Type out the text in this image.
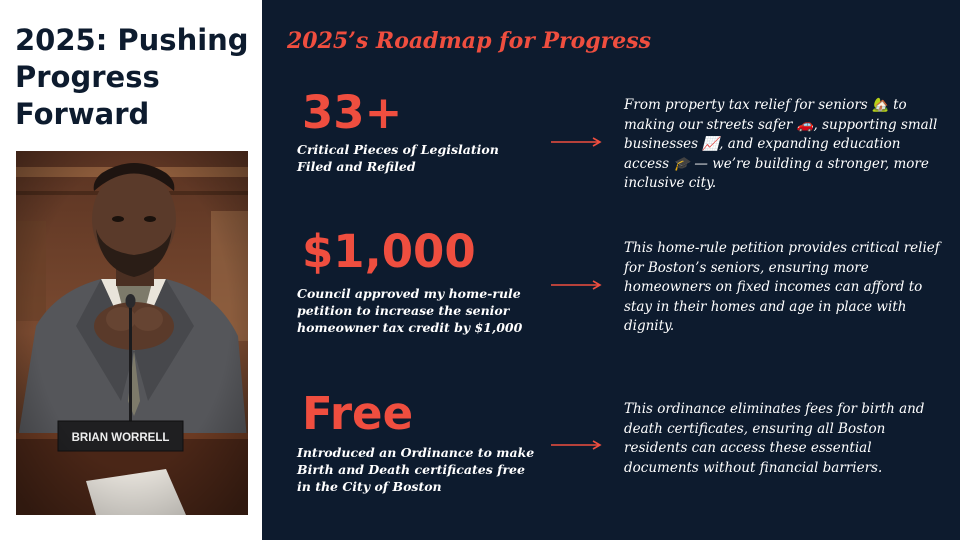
2025: Pushing Progress Forward
2025’s Roadmap for Progress

33+

Critical Pieces of Legislation Filed and Refiled

From property tax relief for seniors 🏡 to making our streets safer 🚗, supporting small businesses 📈, and expanding education access 🎓 — we’re building a stronger, more inclusive city.

$1,000

Council approved my home-rule petition to increase the senior homeowner tax credit by $1,000

This home-rule petition provides critical relief for Boston’s seniors, ensuring more homeowners on fixed incomes can afford to stay in their homes and age in place with dignity.

Free

Introduced an Ordinance to make Birth and Death certificates free in the City of Boston

This ordinance eliminates fees for birth and death certificates, ensuring all Boston residents can access these essential documents without financial barriers.
